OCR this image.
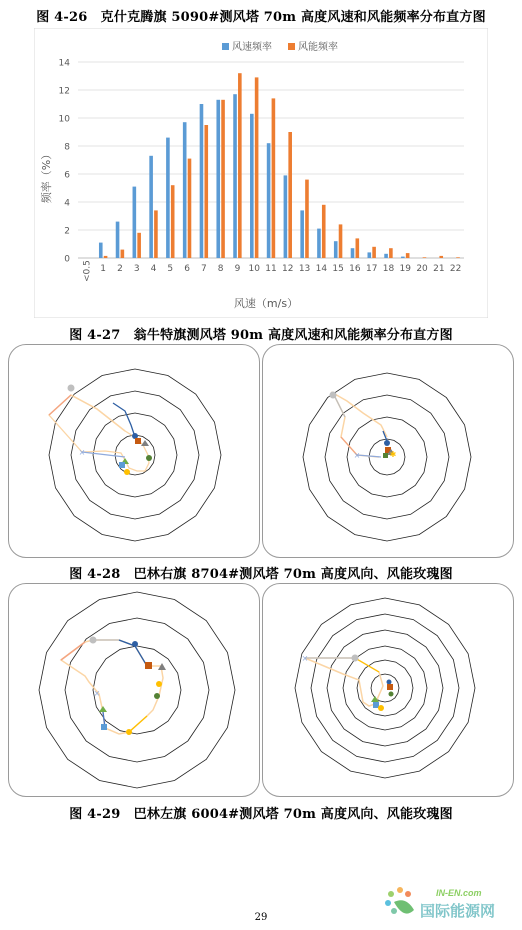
图 4-26　克什克腾旗 5090#测风塔 70m 高度风速和风能频率分布直方图
0
2
4
6
8
10
12
14
<0.5 1 2 3 4 5 6 7 8 9 10 11 12 13 14 15 16 17 18 19 20 21 22
风速频率	风能频率
频率（%）
风速（m/s）
图 4-27　翁牛特旗测风塔 90m 高度风速和风能频率分布直方图
×	×	✱
图 4-28　巴林右旗 8704#测风塔 70m 高度风向、风能玫瑰图
×
×
图 4-29　巴林左旗 6004#测风塔 70m 高度风向、风能玫瑰图
IN-EN.com
国际能源网
29
